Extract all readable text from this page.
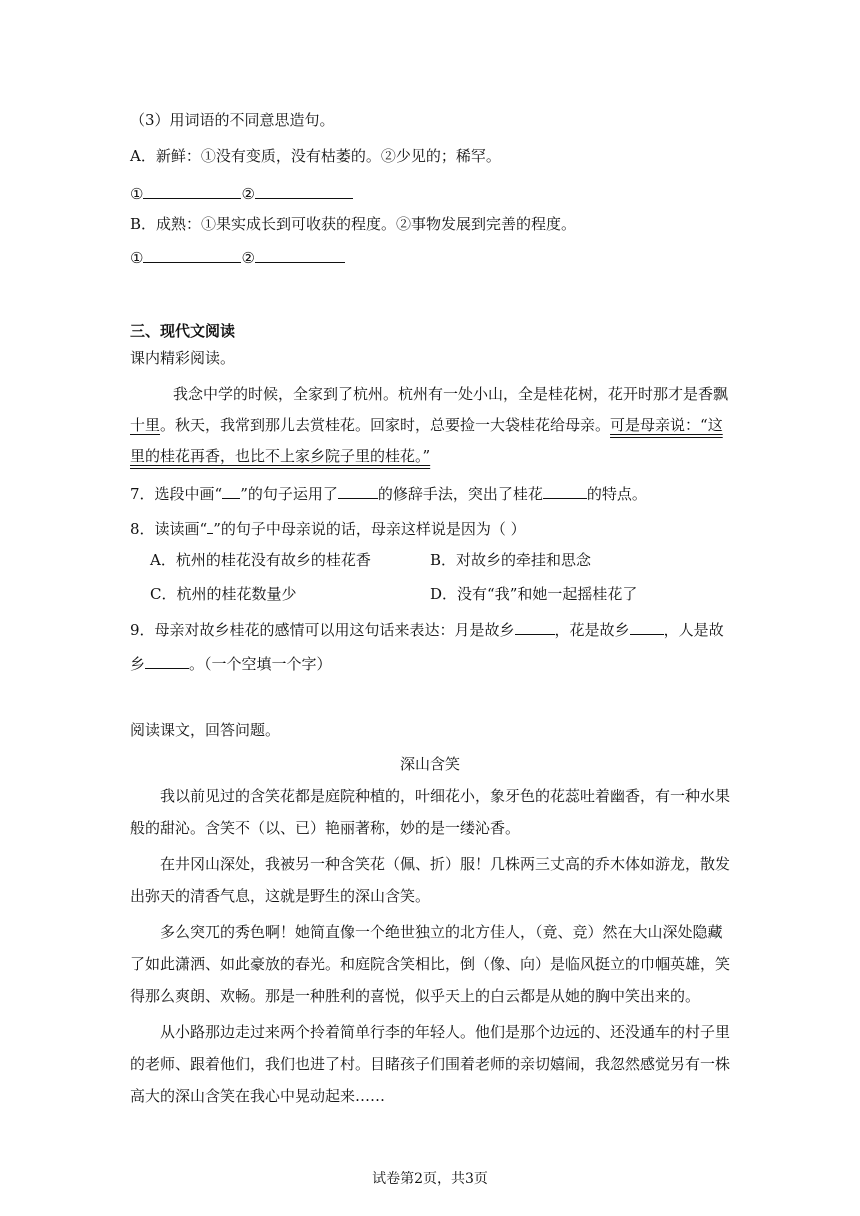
（3）用词语的不同意思造句。
A．新鲜：①没有变质，没有枯萎的。②少见的；稀罕。
①	②
B．成熟：①果实成长到可收获的程度。②事物发展到完善的程度。
①	②
三、现代文阅读
课内精彩阅读。
我念中学的时候，全家到了杭州。杭州有一处小山，全是桂花树，花开时那才是香飘
十里。秋天，我常到那儿去赏桂花。回家时，总要捡一大袋桂花给母亲。可是母亲说：“这
里的桂花再香，也比不上家乡院子里的桂花。”
7．选段中画“ ”的句子运用了	的修辞手法，突出了桂花	的特点。
8．读读画“ ”的句子中母亲说的话，母亲这样说是因为（ ）
A．杭州的桂花没有故乡的桂花香	B．对故乡的牵挂和思念
C．杭州的桂花数量少	D．没有“我”和她一起摇桂花了
9．母亲对故乡桂花的感情可以用这句话来表达：月是故乡	，花是故乡 ，人是故
乡	。（一个空填一个字）
阅读课文，回答问题。
深山含笑
我以前见过的含笑花都是庭院种植的，叶细花小，象牙色的花蕊吐着幽香，有一种水果
般的甜沁。含笑不（以、已）艳丽著称，妙的是一缕沁香。
在井冈山深处，我被另一种含笑花（佩、折）服！几株两三丈高的乔木体如游龙，散发
出弥天的清香气息，这就是野生的深山含笑。
多么突兀的秀色啊！她简直像一个绝世独立的北方佳人，（竟、竞）然在大山深处隐藏
了如此潇洒、如此豪放的春光。和庭院含笑相比，倒（像、向）是临风挺立的巾帼英雄，笑
得那么爽朗、欢畅。那是一种胜利的喜悦，似乎天上的白云都是从她的胸中笑出来的。
从小路那边走过来两个拎着简单行李的年轻人。他们是那个边远的、还没通车的村子里
的老师、跟着他们，我们也进了村。目睹孩子们围着老师的亲切嬉闹，我忽然感觉另有一株
高大的深山含笑在我心中晃动起来……
试卷第2页，共3页
